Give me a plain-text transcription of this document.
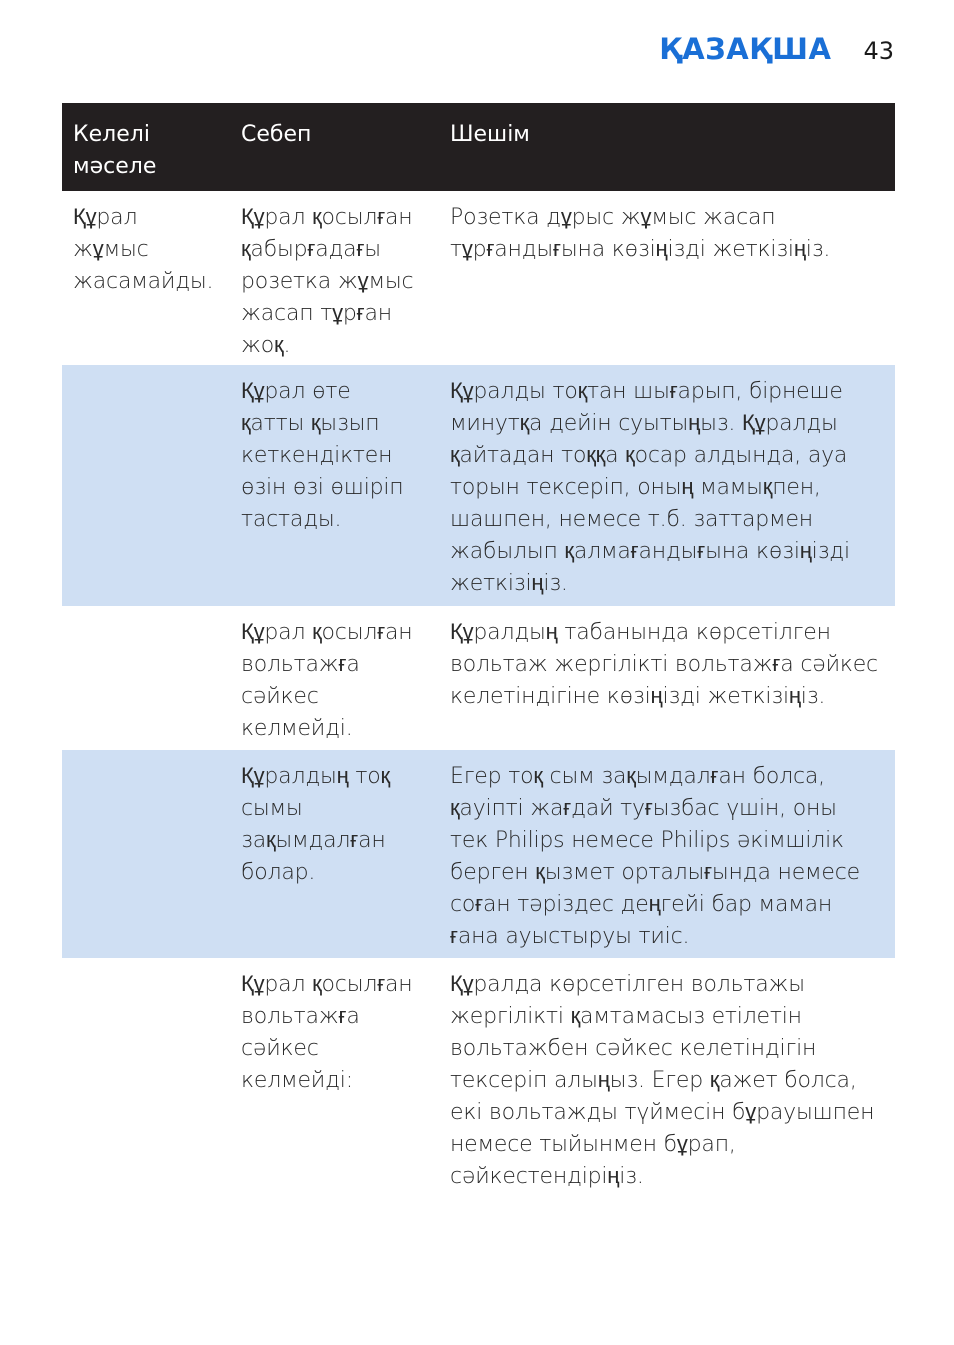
ҚАЗАҚША 43
Келелі
мәселе
Себеп	Шешім
Құрал
жұмыс
жасамайды.
Құрал қосылған
қабырғадағы
розетка жұмыс
жасап тұрған
жоқ.
Розетка дұрыс жұмыс жасап
тұрғандығына көзіңізді жеткізіңіз.
Құрал өте
қатты қызып
кеткендіктен
өзін өзі өшіріп
тастады.
Құралды тоқтан шығарып, бірнеше
минутқа дейін суытыңыз. Құралды
қайтадан тоққа қосар алдында, ауа
торын тексеріп, оның мамықпен,
шашпен, немесе т.б. заттармен
жабылып қалмағандығына көзіңізді
жеткізіңіз.
Құрал қосылған
вольтажға
сәйкес
келмейді.
Құралдың табанында көрсетілген
вольтаж жергілікті вольтажға сәйкес
келетіндігіне көзіңізді жеткізіңіз.
Құралдың тоқ
сымы
зақымдалған
болар.
Егер тоқ сым зақымдалған болса,
қауіпті жағдай туғызбас үшін, оны
тек Philips немесе Philips әкімшілік
берген қызмет орталығында немесе
соған тәріздес деңгейі бар маман
ғана ауыстыруы тиіс.
Құрал қосылған
вольтажға
сәйкес
келмейді:
Құралда көрсетілген вольтажы
жергілікті қамтамасыз етілетін
вольтажбен сәйкес келетіндігін
тексеріп алыңыз. Егер қажет болса,
екі вольтажды түймесін бұрауышпен
немесе тыйынмен бұрап,
сәйкестендіріңіз.
